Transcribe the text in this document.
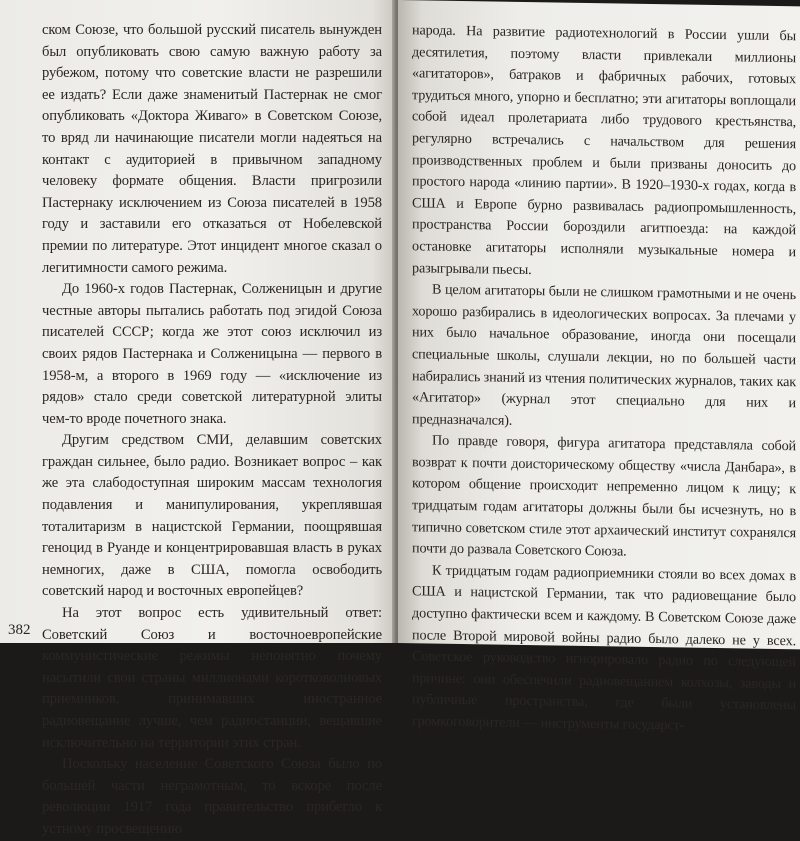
ском Союзе, что большой русский писатель вынужден был опубликовать свою самую важную работу за рубежом, потому что советские власти не разрешили ее издать? Если даже знаменитый Пастернак не смог опубликовать «Доктора Живаго» в Советском Союзе, то вряд ли начинающие писатели могли надеяться на контакт с аудиторией в привычном западному человеку формате общения. Власти пригрозили Пастернаку исключением из Союза писателей в 1958 году и заставили его отказаться от Нобелевской премии по литературе. Этот инцидент многое сказал о легитимности самого режима.

До 1960-х годов Пастернак, Солженицын и другие честные авторы пытались работать под эгидой Союза писателей СССР; когда же этот союз исключил из своих рядов Пастернака и Солженицына — первого в 1958-м, а второго в 1969 году — «исключение из рядов» стало среди советской литературной элиты чем-то вроде почетного знака.

Другим средством СМИ, делавшим советских граждан сильнее, было радио. Возникает вопрос – как же эта слабодоступная широким массам технология подавления и манипулирования, укреплявшая тоталитаризм в нацистской Германии, поощрявшая геноцид в Руанде и концентрировавшая власть в руках немногих, даже в США, помогла освободить советский народ и восточных европейцев?

На этот вопрос есть удивительный ответ: Советский Союз и восточноевропейские коммунистические режимы непонятно почему насытили свои страны миллионами коротковолновых приемников, принимавших иностранное радиовещание лучше, чем радиостанции, вещавшие исключительно на территории этих стран.

Поскольку население Советского Союза было по большей части неграмотным, то вскоре после революции 1917 года правительство прибегло к устному просвещению

382

народа. На развитие радиотехнологий в России ушли бы десятилетия, поэтому власти привлекали миллионы «агитаторов», батраков и фабричных рабочих, готовых трудиться много, упорно и бесплатно; эти агитаторы воплощали собой идеал пролетариата либо трудового крестьянства, регулярно встречались с начальством для решения производственных проблем и были призваны доносить до простого народа «линию партии». В 1920–1930-х годах, когда в США и Европе бурно развивалась радиопромышленность, пространства России бороздили агитпоезда: на каждой остановке агитаторы исполняли музыкальные номера и разыгрывали пьесы.

В целом агитаторы были не слишком грамотными и не очень хорошо разбирались в идеологических вопросах. За плечами у них было начальное образование, иногда они посещали специальные школы, слушали лекции, но по большей части набирались знаний из чтения политических журналов, таких как «Агитатор» (журнал этот специально для них и предназначался).

По правде говоря, фигура агитатора представляла собой возврат к почти доисторическому обществу «числа Данбара», в котором общение происходит непременно лицом к лицу; к тридцатым годам агитаторы должны были бы исчезнуть, но в типично советском стиле этот архаический институт сохранялся почти до развала Советского Союза.

К тридцатым годам радиоприемники стояли во всех домах в США и нацистской Германии, так что радиовещание было доступно фактически всем и каждому. В Советском Союзе даже после Второй мировой войны радио было далеко не у всех. Советское руководство игнорировало радио по следующей причине: они обеспечили радиовещанием колхозы, заводы и публичные пространства, где были установлены громкоговорители — инструменты государст-
